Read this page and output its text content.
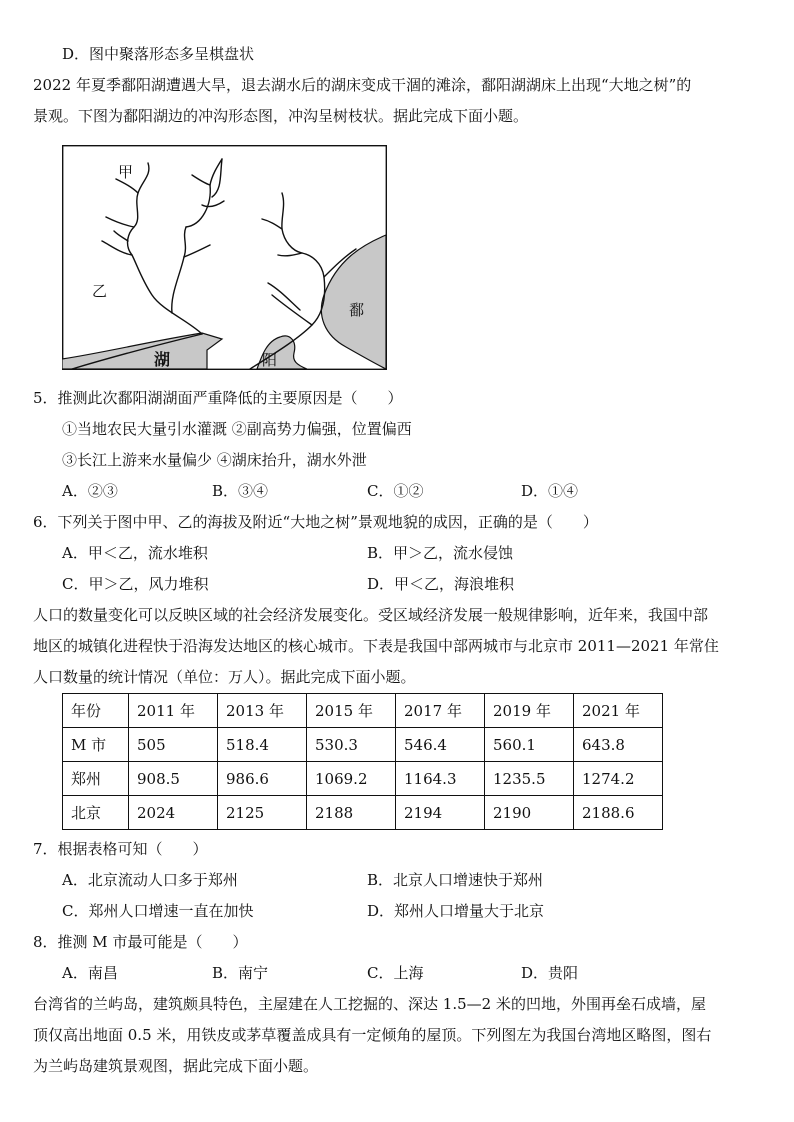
D．图中聚落形态多呈棋盘状
2022 年夏季鄱阳湖遭遇大旱，退去湖水后的湖床变成干涸的滩涂，鄱阳湖湖床上出现“大地之树”的
景观。下图为鄱阳湖边的冲沟形态图，冲沟呈树枝状。据此完成下面小题。
甲
乙
湖	阳
鄱
5．推测此次鄱阳湖湖面严重降低的主要原因是（　　）
①当地农民大量引水灌溉 ②副高势力偏强，位置偏西
③长江上游来水量偏少 ④湖床抬升，湖水外泄
A．②③	B．③④	C．①②	D．①④
6．下列关于图中甲、乙的海拔及附近“大地之树”景观地貌的成因，正确的是（　　）
A．甲＜乙，流水堆积	B．甲＞乙，流水侵蚀
C．甲＞乙，风力堆积	D．甲＜乙，海浪堆积
人口的数量变化可以反映区域的社会经济发展变化。受区域经济发展一般规律影响，近年来，我国中部
地区的城镇化进程快于沿海发达地区的核心城市。下表是我国中部两城市与北京市 2011—2021 年常住
人口数量的统计情况（单位：万人）。据此完成下面小题。
年份	2011 年	2013 年	2015 年	2017 年	2019 年	2021 年
M 市	505	518.4	530.3	546.4	560.1	643.8
郑州	908.5	986.6	1069.2	1164.3	1235.5	1274.2
北京	2024	2125	2188	2194	2190	2188.6
7．根据表格可知（　　）
A．北京流动人口多于郑州	B．北京人口增速快于郑州
C．郑州人口增速一直在加快	D．郑州人口增量大于北京
8．推测 M 市最可能是（　　）
A．南昌	B．南宁	C．上海	D．贵阳
台湾省的兰屿岛，建筑颇具特色，主屋建在人工挖掘的、深达 1.5—2 米的凹地，外围再垒石成墙，屋
顶仅高出地面 0.5 米，用铁皮或茅草覆盖成具有一定倾角的屋顶。下列图左为我国台湾地区略图，图右
为兰屿岛建筑景观图，据此完成下面小题。
